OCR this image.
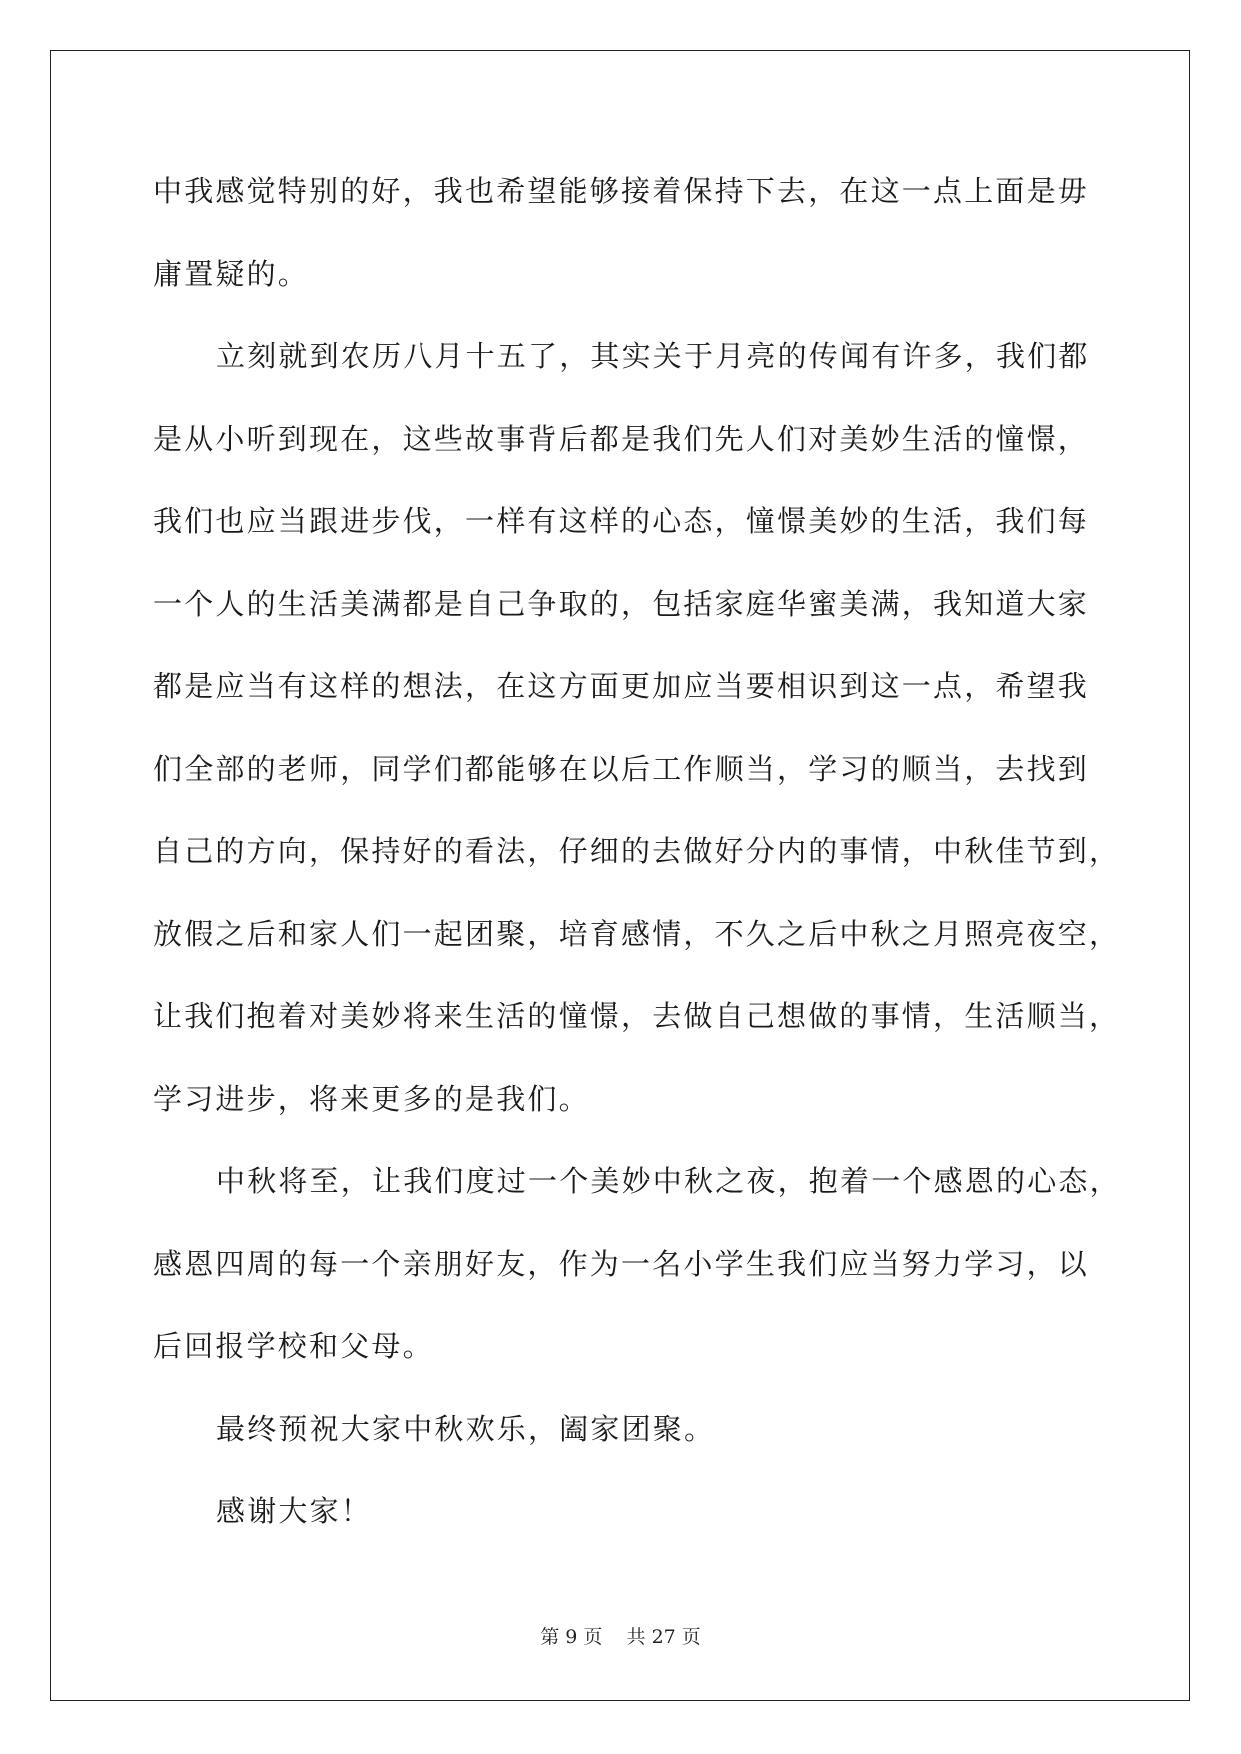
中我感觉特别的好，我也希望能够接着保持下去，在这一点上面是毋
庸置疑的。
立刻就到农历八月十五了，其实关于月亮的传闻有许多，我们都
是从小听到现在，这些故事背后都是我们先人们对美妙生活的憧憬，
我们也应当跟进步伐，一样有这样的心态，憧憬美妙的生活，我们每
一个人的生活美满都是自己争取的，包括家庭华蜜美满，我知道大家
都是应当有这样的想法，在这方面更加应当要相识到这一点，希望我
们全部的老师，同学们都能够在以后工作顺当，学习的顺当，去找到
自己的方向，保持好的看法，仔细的去做好分内的事情，中秋佳节到，
放假之后和家人们一起团聚，培育感情，不久之后中秋之月照亮夜空，
让我们抱着对美妙将来生活的憧憬，去做自己想做的事情，生活顺当，
学习进步，将来更多的是我们。
中秋将至，让我们度过一个美妙中秋之夜，抱着一个感恩的心态，
感恩四周的每一个亲朋好友，作为一名小学生我们应当努力学习，以
后回报学校和父母。
最终预祝大家中秋欢乐，阖家团聚。
感谢大家！
第 9 页    共 27 页
